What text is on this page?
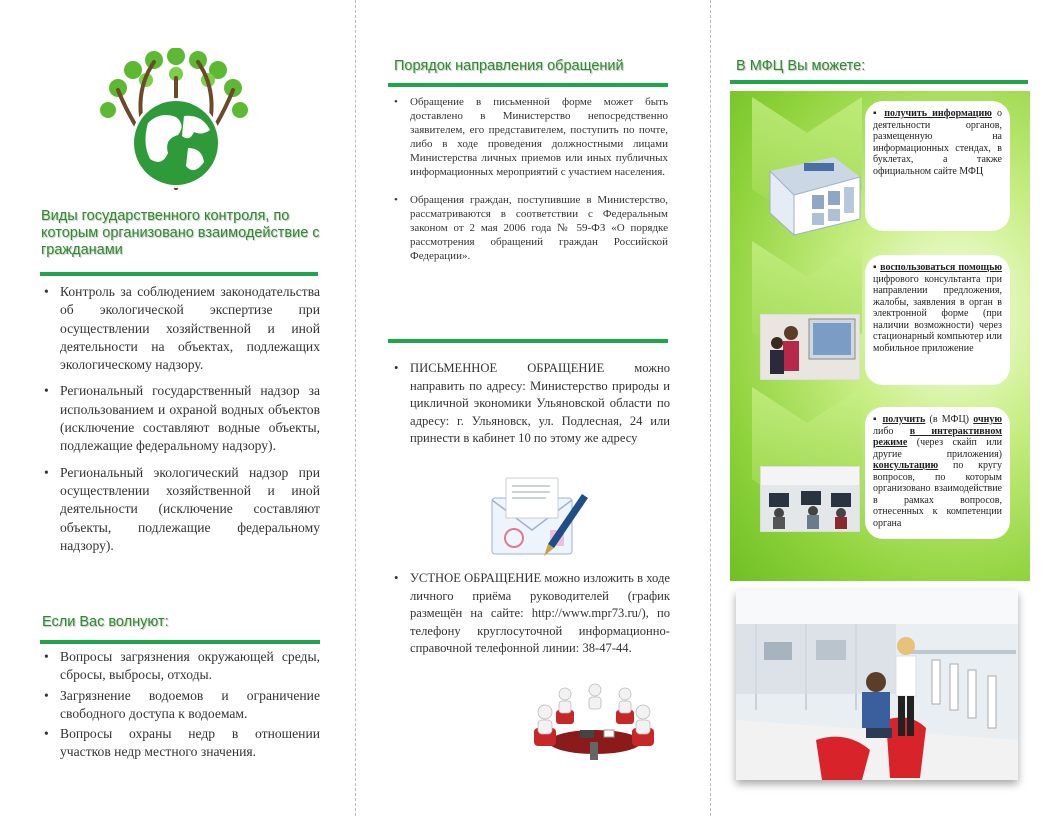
Виды государственного контроля, по которым организовано взаимодействие с гражданами
• Контроль за соблюдением законодательства об экологической экспертизе при осуществлении хозяйственной и иной деятельности на объектах, подлежащих экологическому надзору.
• Региональный государственный надзор за использованием и охраной водных объектов (исключение составляют водные объекты, подлежащие федеральному надзору).
• Региональный экологический надзор при осуществлении хозяйственной и иной деятельности (исключение составляют объекты, подлежащие федеральному надзору).
Если Вас волнуют:
• Вопросы загрязнения окружающей среды, сбросы, выбросы, отходы.
• Загрязнение водоемов и ограничение свободного доступа к водоемам.
• Вопросы охраны недр в отношении участков недр местного значения.
Порядок направления обращений
• Обращение в письменной форме может быть доставлено в Министерство непосредственно заявителем, его представителем, поступить по почте, либо в ходе проведения должностными лицами Министерства личных приемов или иных публичных информационных мероприятий с участием населения.
• Обращения граждан, поступившие в Министерство, рассматриваются в соответствии с Федеральным законом от 2 мая 2006 года № 59-ФЗ «О порядке рассмотрения обращений граждан Российской Федерации».
• ПИСЬМЕННОЕ ОБРАЩЕНИЕ можно направить по адресу: Министерство природы и цикличной экономики Ульяновской области по адресу: г. Ульяновск, ул. Подлесная, 24 или принести в кабинет 10 по этому же адресу
• УСТНОЕ ОБРАЩЕНИЕ можно изложить в ходе личного приёма руководителей (график размещён на сайте: http://www.mpr73.ru/), по телефону круглосуточной информационно-справочной телефонной линии: 38-47-44.
В МФЦ Вы можете:
▪ получить информацию о деятельности органов, размещенную на информационных стендах, в буклетах, а также официальном сайте МФЦ
▪ воспользоваться помощью цифрового консультанта при направлении предложения, жалобы, заявления в орган в электронной форме (при наличии возможности) через стационарный компьютер или мобильное приложение
▪ получить (в МФЦ) очную либо в интерактивном режиме (через скайп или другие приложения) консультацию по кругу вопросов, по которым организовано взаимодействие в рамках вопросов, отнесенных к компетенции органа
